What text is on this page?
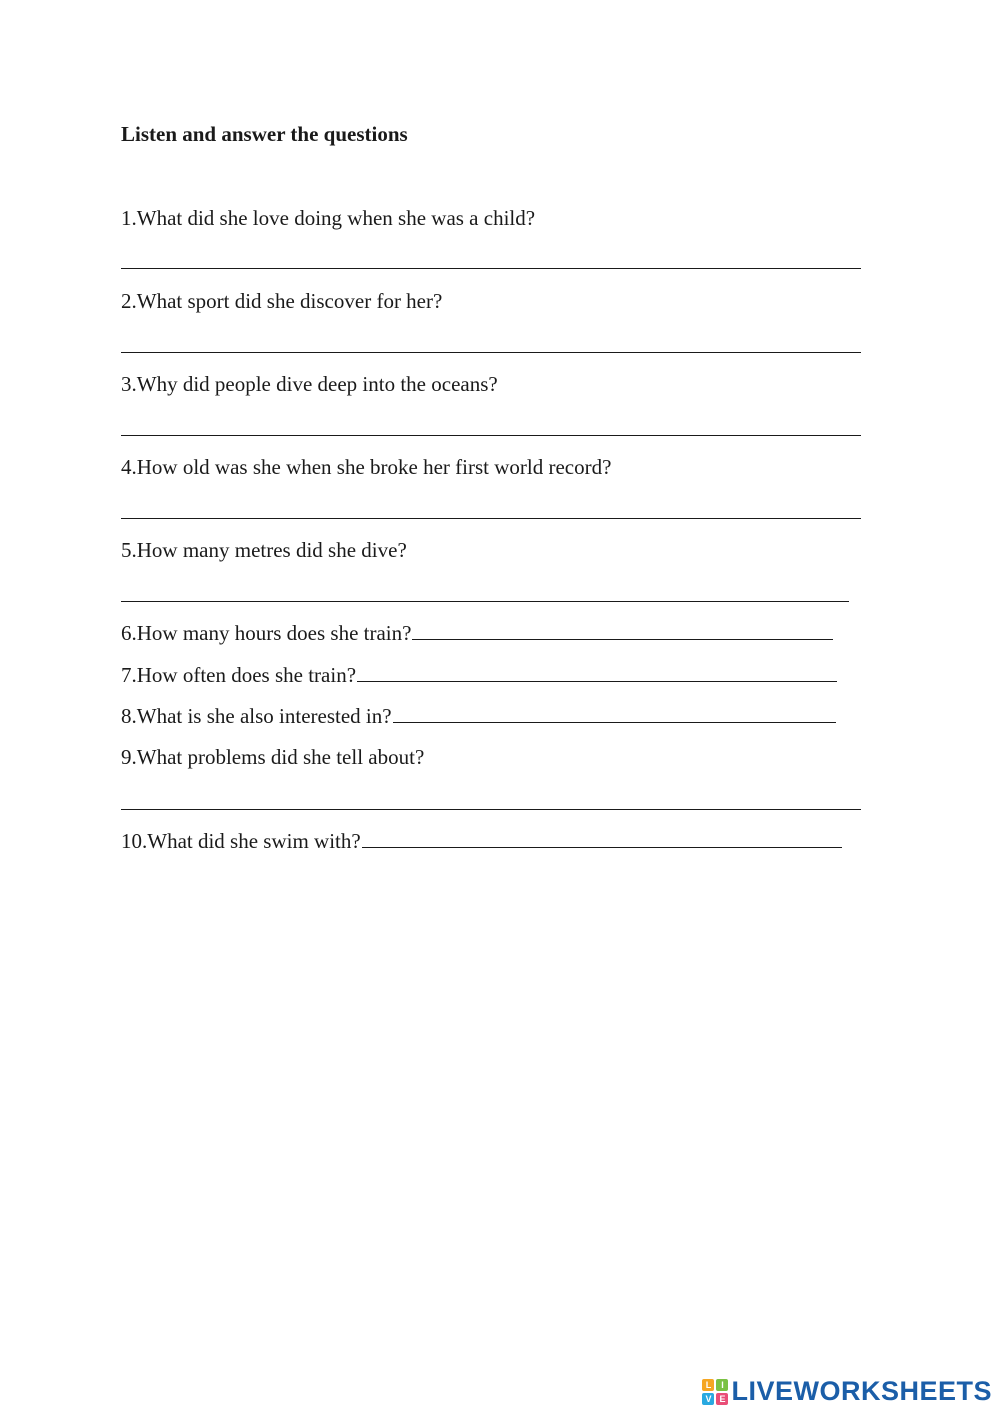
Listen and answer the questions
1.What did she love doing when she was a child?
2.What sport did she discover for her?
3.Why did people dive deep into the oceans?
4.How old was she when she broke her first world record?
5.How many metres did she dive?
6.How many hours does she train?
7.How often does she train?
8.What is she also interested in?
9.What problems did she tell about?
10.What did she swim with?
L	I
V E LIVEWORKSHEETS
